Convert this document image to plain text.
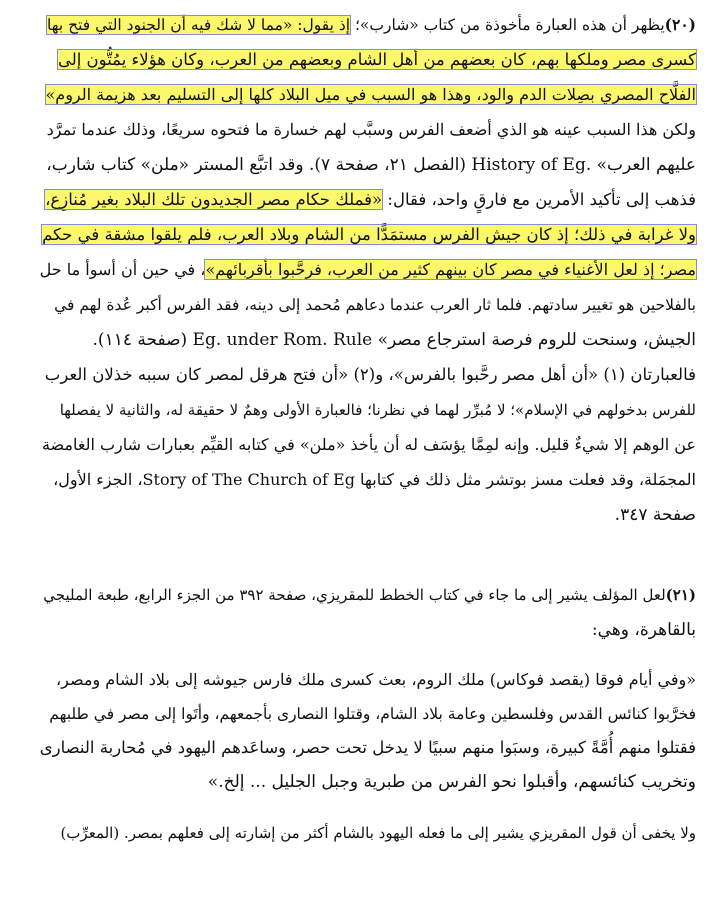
(٢٠)يظهر أن هذه العبارة مأخوذة من كتاب «شارب»؛ إذ يقول: «مما لا شك فيه أن الجنود التي فتح بها
كسرى مصر وملكها بهم، كان بعضهم من أهل الشام وبعضهم من العرب، وكان هؤلاء يمُتُّون إلى
الفلَّاح المصري بصِلات الدم والود، وهذا هو السبب في ميل البلاد كلها إلى التسليم بعد هزيمة الروم»
ولكن هذا السبب عينه هو الذي أضعف الفرس وسبَّب لهم خسارة ما فتحوه سريعًا، وذلك عندما تمرَّد
عليهم العرب» .History of Eg (الفصل ٢١، صفحة ٧). وقد اتبَّع المستر «ملن» كتاب شارب،
فذهب إلى تأكيد الأمرين مع فارقٍ واحد، فقال: «فملك حكام مصر الجديدون تلك البلاد بغير مُنازِع،
ولا غرابة في ذلك؛ إذ كان جيش الفرس مستمَدًّا من الشام وبلاد العرب، فلم يلقوا مشقة في حكم
مصر؛ إذ لعل الأغنياء في مصر كان بينهم كثير من العرب، فرحَّبوا بأقربائهم»، في حين أن أسوأ ما حل
بالفلاحين هو تغيير سادتهم. فلما ثار العرب عندما دعاهم مُحمد إلى دينه، فقد الفرس أكبر عُدة لهم في
الجيش، وسنحت للروم فرصة استرجاع مصر» Eg. under Rom. Rule (صفحة ١١٤).
فالعبارتان (١) «أن أهل مصر رحَّبوا بالفرس»، و(٢) «أن فتح هرقل لمصر كان سببه خذلان العرب
للفرس بدخولهم في الإسلام»؛ لا مُبرِّر لهما في نظرنا؛ فالعبارة الأولى وهمٌ لا حقيقة له، والثانية لا يفصلها
عن الوهم إلا شيءٌ قليل. وإنه لمِمَّا يؤسَف له أن يأخذ «ملن» في كتابه القيِّم بعبارات شارب الغامضة
المجمَلة، وقد فعلت مسز بوتشر مثل ذلك في كتابها Story of The Church of Eg، الجزء الأول،
صفحة ٣٤٧.
(٢١)لعل المؤلف يشير إلى ما جاء في كتاب الخطط للمقريزي، صفحة ٣٩٢ من الجزء الرابع، طبعة المليجي
بالقاهرة، وهي:
«وفي أيام فوقا (يقصد فوكاس) ملك الروم، بعث كسرى ملك فارس جيوشه إلى بلاد الشام ومصر،
فخرَّبوا كنائس القدس وفلسطين وعامة بلاد الشام، وقتلوا النصارى بأجمعهم، وأتَوا إلى مصر في طلبهم
فقتلوا منهم أُمَّةً كبيرة، وسبَوا منهم سبيًا لا يدخل تحت حصر، وساعَدهم اليهود في مُحاربة النصارى
وتخريب كنائسهم، وأقبلوا نحو الفرس من طبرية وجبل الجليل ... إلخ.»
ولا يخفى أن قول المقريزي يشير إلى ما فعله اليهود بالشام أكثر من إشارته إلى فعلهم بمصر. (المعرِّب)
